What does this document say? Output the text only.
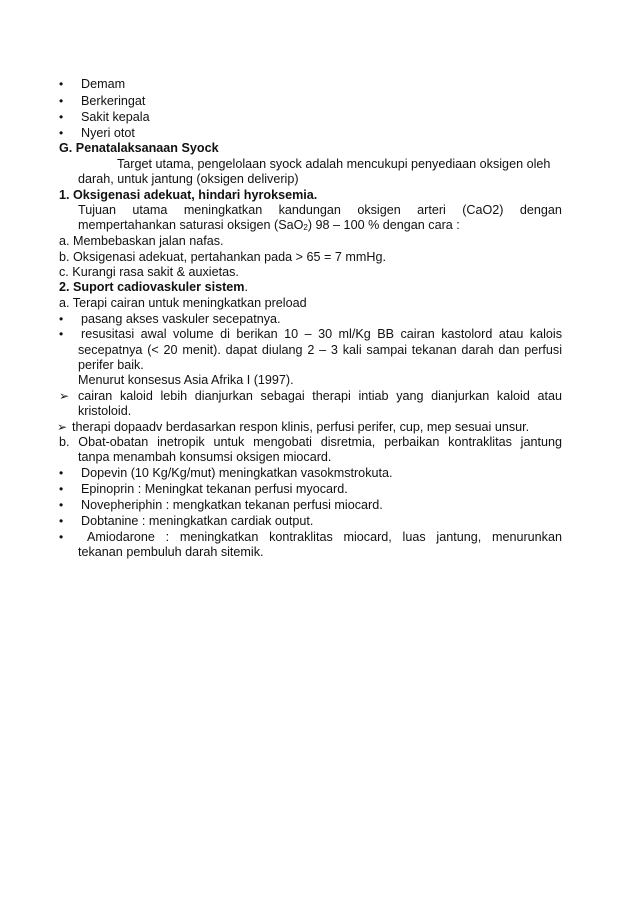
• Demam
• Berkeringat
• Sakit kepala
• Nyeri otot
G. Penatalaksanaan Syock
Target utama, pengelolaan syock adalah mencukupi penyediaan oksigen oleh
darah, untuk jantung (oksigen deliverip)
1. Oksigenasi adekuat, hindari hyroksemia.
Tujuan utama meningkatkan kandungan oksigen arteri (CaO2) dengan
mempertahankan saturasi oksigen (SaO$_2$) 98 – 100 % dengan cara :
a. Membebaskan jalan nafas.
b. Oksigenasi adekuat, pertahankan pada > 65 = 7 mmHg.
c. Kurangi rasa sakit & auxietas.
2. Suport cadiovaskuler sistem.
a. Terapi cairan untuk meningkatkan preload
• pasang akses vaskuler secepatnya.
• resusitasi awal volume di berikan 10 – 30 ml/Kg BB cairan kastolord atau kalois
secepatnya (< 20 menit). dapat diulang 2 – 3 kali sampai tekanan darah dan perfusi
perifer baik.
Menurut konsesus Asia Afrika I (1997).
➢ cairan kaloid lebih dianjurkan sebagai therapi intiab yang dianjurkan kaloid atau
kristoloid.
➢ therapi dopaadv berdasarkan respon klinis, perfusi perifer, cup, mep sesuai unsur.
b. Obat-obatan inetropik untuk mengobati disretmia, perbaikan kontraklitas jantung
tanpa menambah konsumsi oksigen miocard.
• Dopevin (10 Kg/Kg/mut) meningkatkan vasokmstrokuta.
• Epinoprin : Meningkat tekanan perfusi myocard.
• Novepheriphin : mengkatkan tekanan perfusi miocard.
• Dobtanine : meningkatkan cardiak output.
• Amiodarone : meningkatkan kontraklitas miocard, luas jantung, menurunkan
tekanan pembuluh darah sitemik.
